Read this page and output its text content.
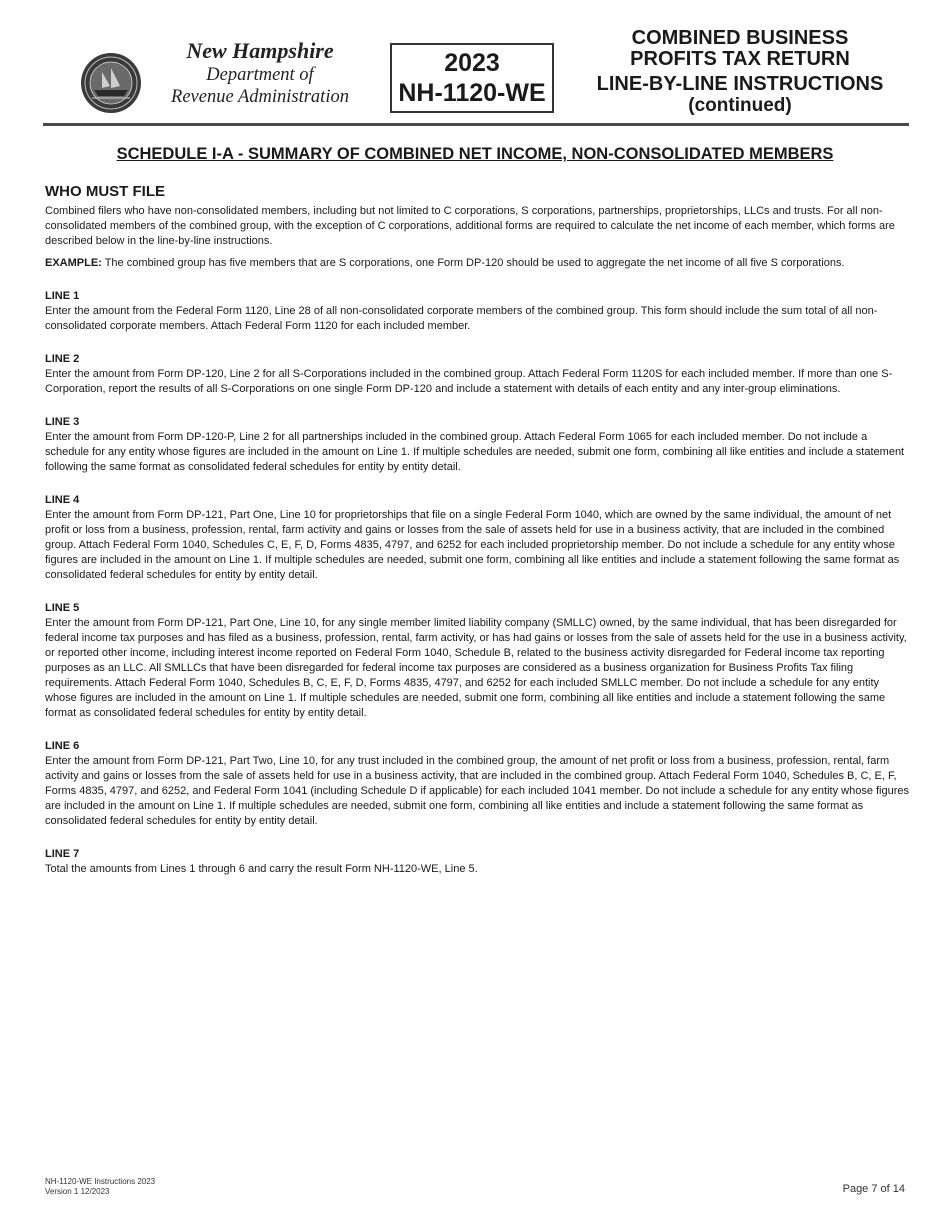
New Hampshire
Department of
Revenue Administration
2023
NH-1120-WE
COMBINED BUSINESS
PROFITS TAX RETURN
LINE-BY-LINE INSTRUCTIONS
(continued)
SCHEDULE I-A - SUMMARY OF COMBINED NET INCOME, NON-CONSOLIDATED MEMBERS
WHO MUST FILE

Combined filers who have non-consolidated members, including but not limited to C corporations, S corporations, partnerships, proprietorships, LLCs and trusts. For all non-consolidated members of the combined group, with the exception of C corporations, additional forms are required to calculate the net income of each member, which forms are described below in the line-by-line instructions.

EXAMPLE: The combined group has five members that are S corporations, one Form DP-120 should be used to aggregate the net income of all five S corporations.

LINE 1

Enter the amount from the Federal Form 1120, Line 28 of all non-consolidated corporate members of the combined group. This form should include the sum total of all non-consolidated corporate members. Attach Federal Form 1120 for each included member.

LINE 2

Enter the amount from Form DP-120, Line 2 for all S-Corporations included in the combined group. Attach Federal Form 1120S for each included member. If more than one S-Corporation, report the results of all S-Corporations on one single Form DP-120 and include a statement with details of each entity and any inter-group eliminations.

LINE 3

Enter the amount from Form DP-120-P, Line 2 for all partnerships included in the combined group. Attach Federal Form 1065 for each included member. Do not include a schedule for any entity whose figures are included in the amount on Line 1. If multiple schedules are needed, submit one form, combining all like entities and include a statement following the same format as consolidated federal schedules for entity by entity detail.

LINE 4

Enter the amount from Form DP-121, Part One, Line 10 for proprietorships that file on a single Federal Form 1040, which are owned by the same individual, the amount of net profit or loss from a business, profession, rental, farm activity and gains or losses from the sale of assets held for use in a business activity, that are included in the combined group. Attach Federal Form 1040, Schedules C, E, F, D, Forms 4835, 4797, and 6252 for each included proprietorship member. Do not include a schedule for any entity whose figures are included in the amount on Line 1. If multiple schedules are needed, submit one form, combining all like entities and include a statement following the same format as consolidated federal schedules for entity by entity detail.

LINE 5

Enter the amount from Form DP-121, Part One, Line 10, for any single member limited liability company (SMLLC) owned, by the same individual, that has been disregarded for federal income tax purposes and has filed as a business, profession, rental, farm activity, or has had gains or losses from the sale of assets held for the use in a business activity, or reported other income, including interest income reported on Federal Form 1040, Schedule B, related to the business activity disregarded for Federal income tax reporting purposes as an LLC. All SMLLCs that have been disregarded for federal income tax purposes are considered as a business organization for Business Profits Tax filing requirements. Attach Federal Form 1040, Schedules B, C, E, F, D, Forms 4835, 4797, and 6252 for each included SMLLC member. Do not include a schedule for any entity whose figures are included in the amount on Line 1. If multiple schedules are needed, submit one form, combining all like entities and include a statement following the same format as consolidated federal schedules for entity by entity detail.

LINE 6

Enter the amount from Form DP-121, Part Two, Line 10, for any trust included in the combined group, the amount of net profit or loss from a business, profession, rental, farm activity and gains or losses from the sale of assets held for use in a business activity, that are included in the combined group. Attach Federal Form 1040, Schedules B, C, E, F, Forms 4835, 4797, and 6252, and Federal Form 1041 (including Schedule D if applicable) for each included 1041 member. Do not include a schedule for any entity whose figures are included in the amount on Line 1. If multiple schedules are needed, submit one form, combining all like entities and include a statement following the same format as consolidated federal schedules for entity by entity detail.

LINE 7

Total the amounts from Lines 1 through 6 and carry the result Form NH-1120-WE, Line 5.

NH-1120-WE Instructions 2023
Version 1 12/2023	Page 7 of 14
